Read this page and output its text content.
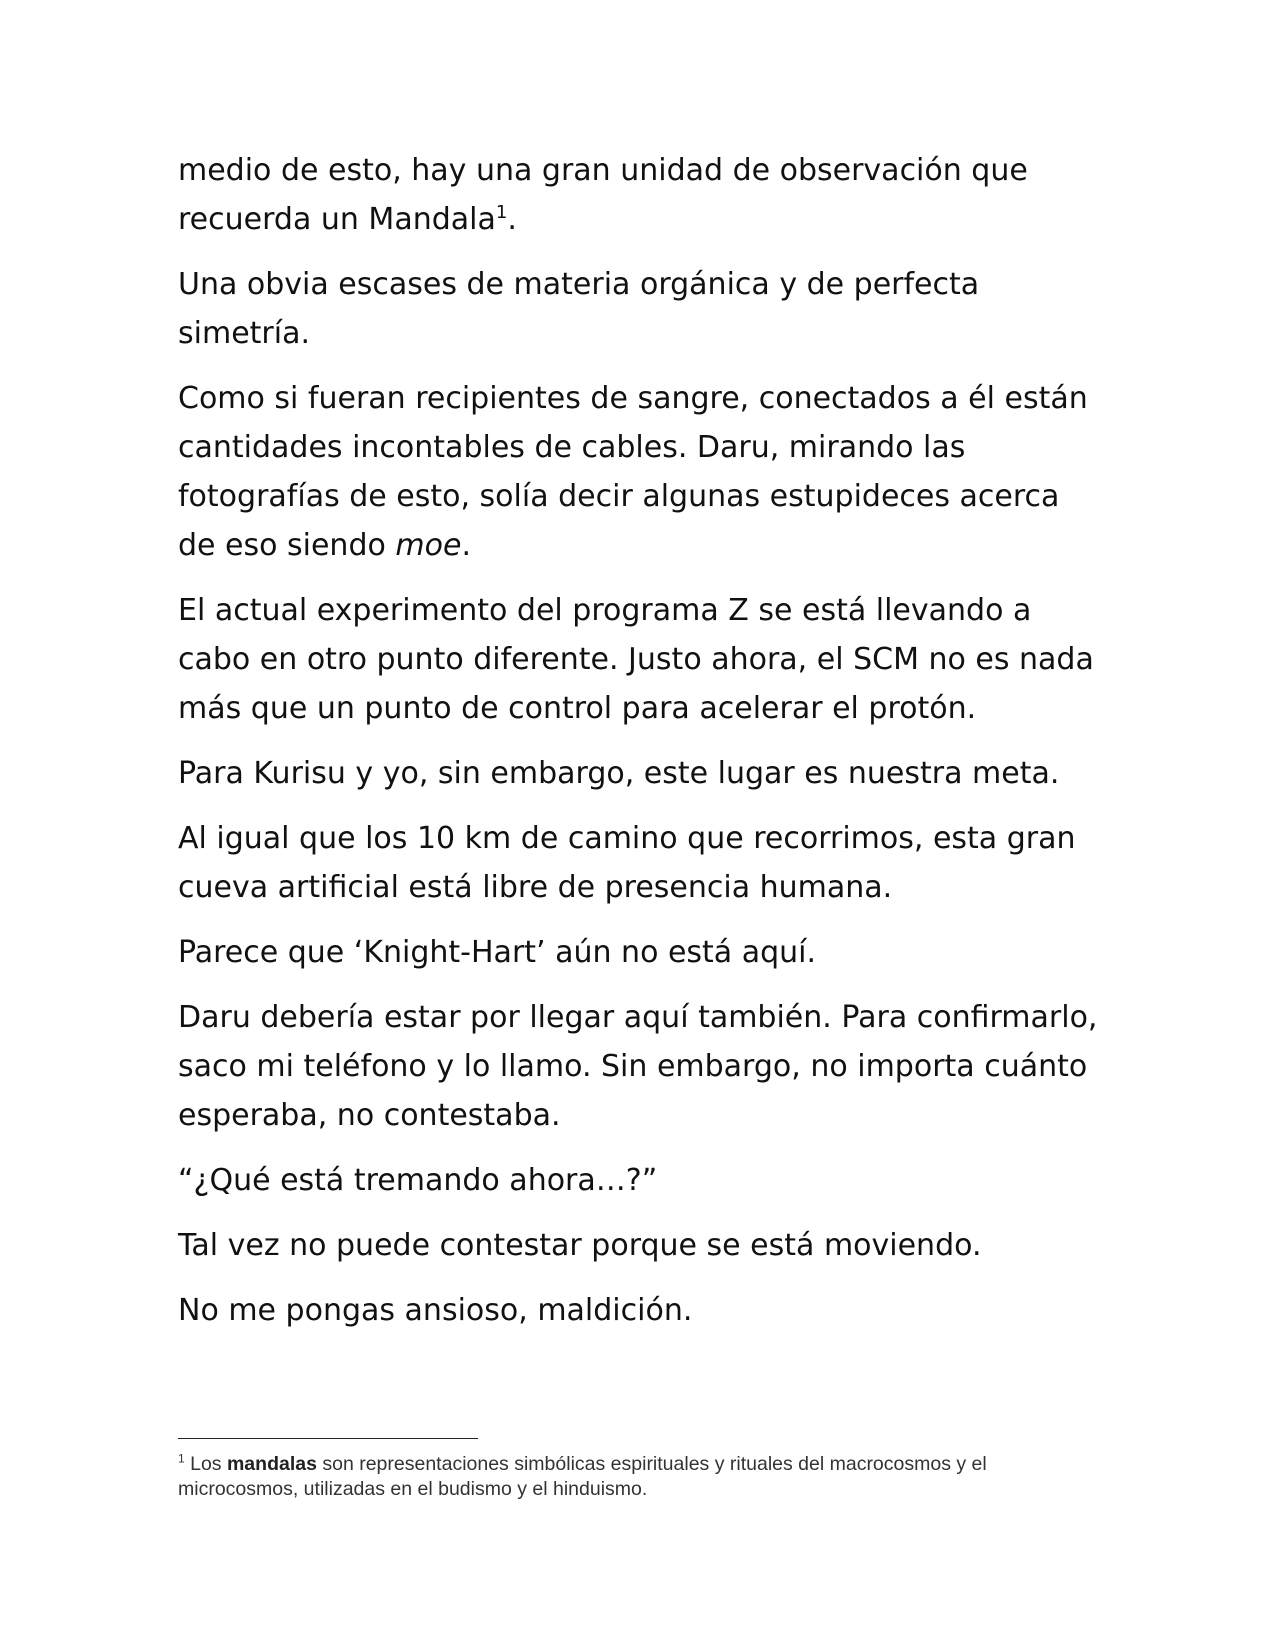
medio de esto, hay una gran unidad de observación que recuerda un Mandala$^1$.

Una obvia escases de materia orgánica y de perfecta simetría.

Como si fueran recipientes de sangre, conectados a él están cantidades incontables de cables. Daru, mirando las fotografías de esto, solía decir algunas estupideces acerca de eso siendo moe.

El actual experimento del programa Z se está llevando a cabo en otro punto diferente. Justo ahora, el SCM no es nada más que un punto de control para acelerar el protón.

Para Kurisu y yo, sin embargo, este lugar es nuestra meta.

Al igual que los 10 km de camino que recorrimos, esta gran cueva artificial está libre de presencia humana.

Parece que ‘Knight-Hart’ aún no está aquí.

Daru debería estar por llegar aquí también. Para confirmarlo, saco mi teléfono y lo llamo. Sin embargo, no importa cuánto esperaba, no contestaba.

“¿Qué está tremando ahora…?”

Tal vez no puede contestar porque se está moviendo.

No me pongas ansioso, maldición.

$^1$ Los mandalas son representaciones simbólicas espirituales y rituales del macrocosmos y el microcosmos, utilizadas en el budismo y el hinduismo.
